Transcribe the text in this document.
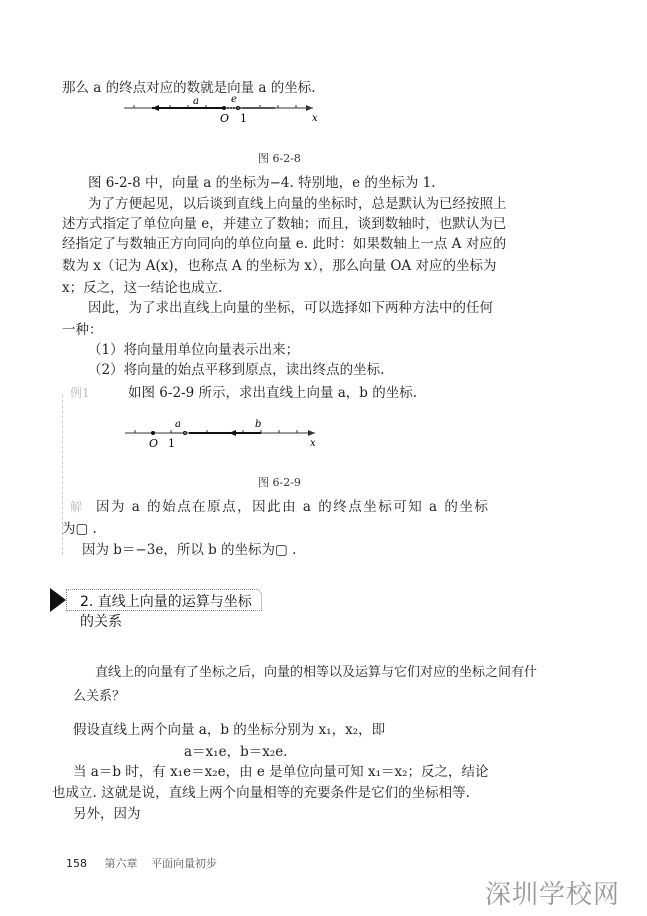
那么 a 的终点对应的数就是向量 a 的坐标.
a	e
O 1	x
图 6-2-8
图 6-2-8 中，向量 a 的坐标为−4. 特别地，e 的坐标为 1.
为了方便起见，以后谈到直线上向量的坐标时，总是默认为已经按照上
述方式指定了单位向量 e，并建立了数轴；而且，谈到数轴时，也默认为已
经指定了与数轴正方向同向的单位向量 e. 此时：如果数轴上一点 A 对应的
数为 x（记为 A(x)，也称点 A 的坐标为 x），那么向量 OA 对应的坐标为
x；反之，这一结论也成立.
因此，为了求出直线上向量的坐标，可以选择如下两种方法中的任何
一种：
（1）将向量用单位向量表示出来；
（2）将向量的始点平移到原点，读出终点的坐标.
例1	如图 6-2-9 所示，求出直线上向量 a，b 的坐标.
a	b
O 1	x
图 6-2-9
解 因为 a 的始点在原点，因此由 a 的终点坐标可知 a 的坐标
为▢ .
因为 b＝−3e，所以 b 的坐标为▢ .
2. 直线上向量的运算与坐标的关系
直线上的向量有了坐标之后，向量的相等以及运算与它们对应的坐标之间有什
么关系？
假设直线上两个向量 a，b 的坐标分别为 x₁，x₂，即
a＝x₁e，b＝x₂e.
当 a＝b 时，有 x₁e＝x₂e，由 e 是单位向量可知 x₁＝x₂；反之，结论
也成立. 这就是说，直线上两个向量相等的充要条件是它们的坐标相等.
另外，因为
158 第六章 平面向量初步
深圳学校网
